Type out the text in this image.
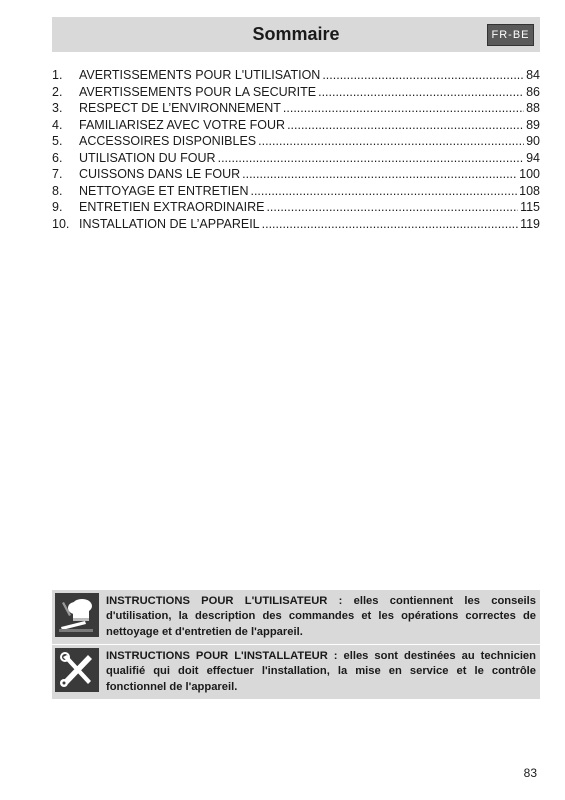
Sommaire	FR-BE
1.	AVERTISSEMENTS POUR L'UTILISATION .....	84
2.	AVERTISSEMENTS POUR LA SECURITE .....	86
3.	RESPECT DE L’ENVIRONNEMENT .....	88
4.	FAMILIARISEZ AVEC VOTRE FOUR .....	89
5.	ACCESSOIRES DISPONIBLES .....	90
6.	UTILISATION DU FOUR .....	94
7.	CUISSONS DANS LE FOUR .....	100
8.	NETTOYAGE ET ENTRETIEN .....	108
9.	ENTRETIEN EXTRAORDINAIRE .....	115
10. INSTALLATION DE L’APPAREIL .....	119
INSTRUCTIONS POUR L'UTILISATEUR : elles contiennent les conseils d'utilisation, la description des commandes et les opérations correctes de nettoyage et d'entretien de l'appareil.
INSTRUCTIONS POUR L'INSTALLATEUR : elles sont destinées au technicien qualifié qui doit effectuer l'installation, la mise en service et le contrôle fonctionnel de l'appareil.
83
